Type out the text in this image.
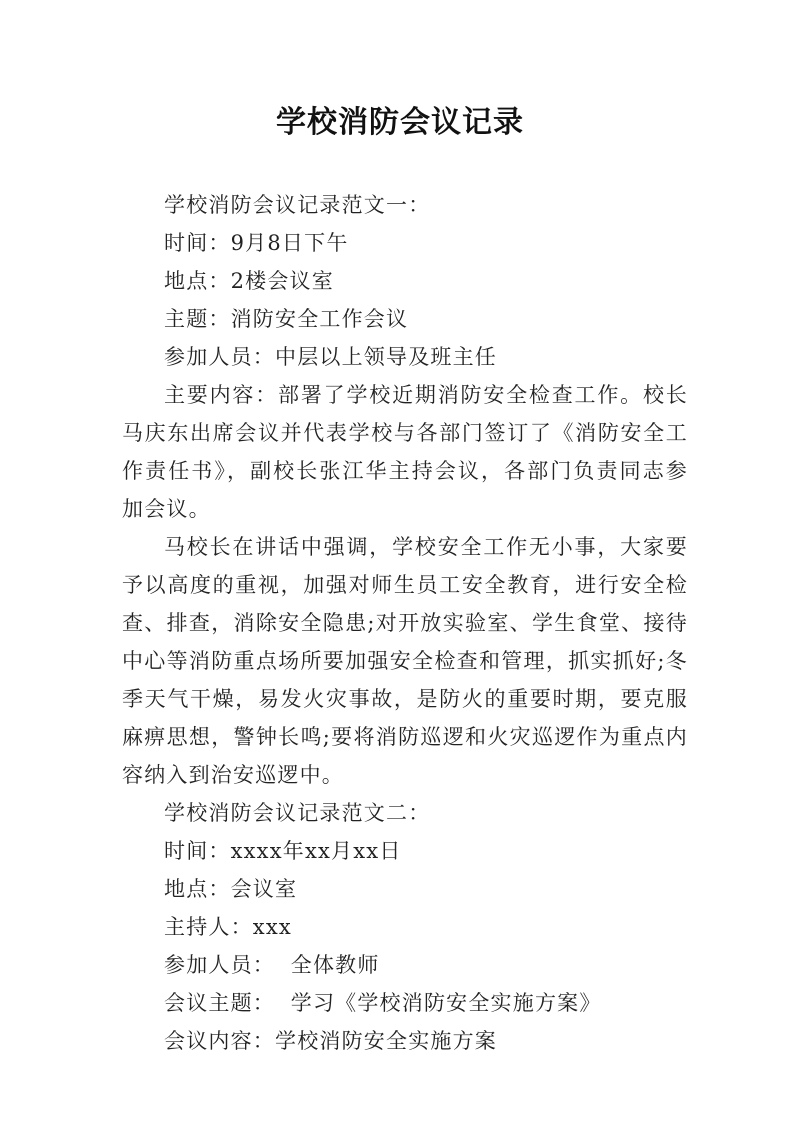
学校消防会议记录

学校消防会议记录范文一：

时间：9月8日下午

地点：2楼会议室

主题：消防安全工作会议

参加人员：中层以上领导及班主任

主要内容：部署了学校近期消防安全检查工作。校长马庆东出席会议并代表学校与各部门签订了《消防安全工作责任书》，副校长张江华主持会议，各部门负责同志参加会议。

马校长在讲话中强调，学校安全工作无小事，大家要予以高度的重视，加强对师生员工安全教育，进行安全检查、排查，消除安全隐患;对开放实验室、学生食堂、接待中心等消防重点场所要加强安全检查和管理，抓实抓好;冬季天气干燥，易发火灾事故，是防火的重要时期，要克服麻痹思想，警钟长鸣;要将消防巡逻和火灾巡逻作为重点内容纳入到治安巡逻中。

学校消防会议记录范文二：

时间：xxxx年xx月xx日

地点：会议室

主持人：xxx

参加人员：  全体教师

会议主题：  学习《学校消防安全实施方案》

会议内容：学校消防安全实施方案
